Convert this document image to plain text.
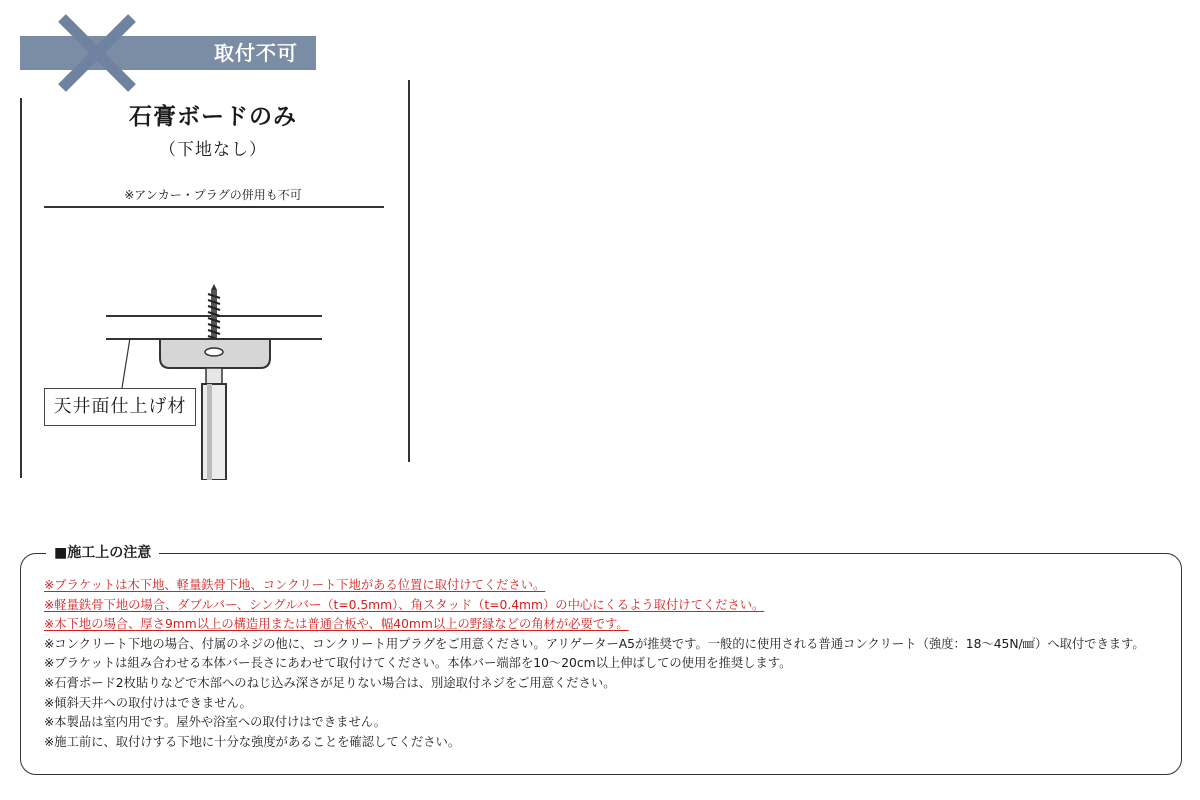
取付不可
石膏ボードのみ
（下地なし）
※アンカー・プラグの併用も不可
天井面仕上げ材
■施工上の注意
※ブラケットは木下地、軽量鉄骨下地、コンクリート下地がある位置に取付けてください。
※軽量鉄骨下地の場合、ダブルバー、シングルバー（t=0.5mm）、角スタッド（t=0.4mm）の中心にくるよう取付けてください。
※木下地の場合、厚さ9mm以上の構造用または普通合板や、幅40mm以上の野縁などの角材が必要です。
※コンクリート下地の場合、付属のネジの他に、コンクリート用プラグをご用意ください。アリゲーターA5が推奨です。一般的に使用される普通コンクリート（強度：18〜45N/㎟）へ取付できます。
※ブラケットは組み合わせる本体バー長さにあわせて取付けてください。本体バー端部を10〜20cm以上伸ばしての使用を推奨します。
※石膏ボード2枚貼りなどで木部へのねじ込み深さが足りない場合は、別途取付ネジをご用意ください。
※傾斜天井への取付けはできません。
※本製品は室内用です。屋外や浴室への取付けはできません。
※施工前に、取付けする下地に十分な強度があることを確認してください。
